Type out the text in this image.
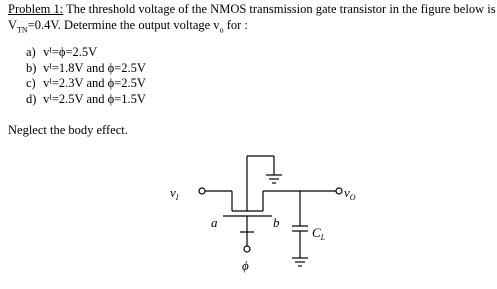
Problem 1: The threshold voltage of the NMOS transmission gate transistor in the figure below is
$V_{TN}=0.4V$. Determine the output voltage $v_o$ for :
a) vᴵ=ϕ=2.5V
b) vᴵ=1.8V and ϕ=2.5V
c) vᴵ=2.3V and ϕ=2.5V
d) vᴵ=2.5V and ϕ=1.5V
Neglect the body effect.
$v_I$	$v_O$
a	b
$C_L$
ϕ
